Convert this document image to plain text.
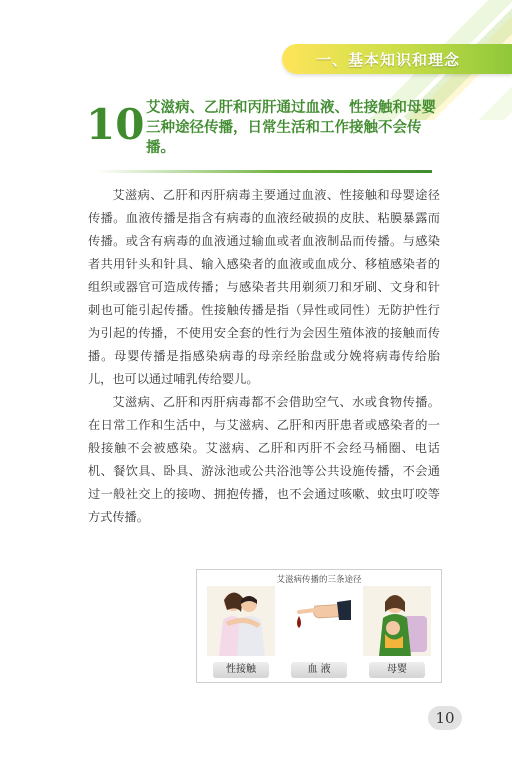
一、基本知识和理念
10 艾滋病、乙肝和丙肝通过血液、性接触和母婴三种途径传播，日常生活和工作接触不会传播。

艾滋病、乙肝和丙肝病毒主要通过血液、性接触和母婴途径传播。血液传播是指含有病毒的血液经破损的皮肤、粘膜暴露而传播。或含有病毒的血液通过输血或者血液制品而传播。与感染者共用针头和针具、输入感染者的血液或血成分、移植感染者的组织或器官可造成传播；与感染者共用剃须刀和牙刷、文身和针刺也可能引起传播。性接触传播是指（异性或同性）无防护性行为引起的传播，不使用安全套的性行为会因生殖体液的接触而传播。母婴传播是指感染病毒的母亲经胎盘或分娩将病毒传给胎儿，也可以通过哺乳传给婴儿。

艾滋病、乙肝和丙肝病毒都不会借助空气、水或食物传播。在日常工作和生活中，与艾滋病、乙肝和丙肝患者或感染者的一般接触不会被感染。艾滋病、乙肝和丙肝不会经马桶圈、电话机、餐饮具、卧具、游泳池或公共浴池等公共设施传播，不会通过一般社交上的接吻、拥抱传播，也不会通过咳嗽、蚊虫叮咬等方式传播。

艾滋病传播的三条途径
性接触	血 液	母婴
10
